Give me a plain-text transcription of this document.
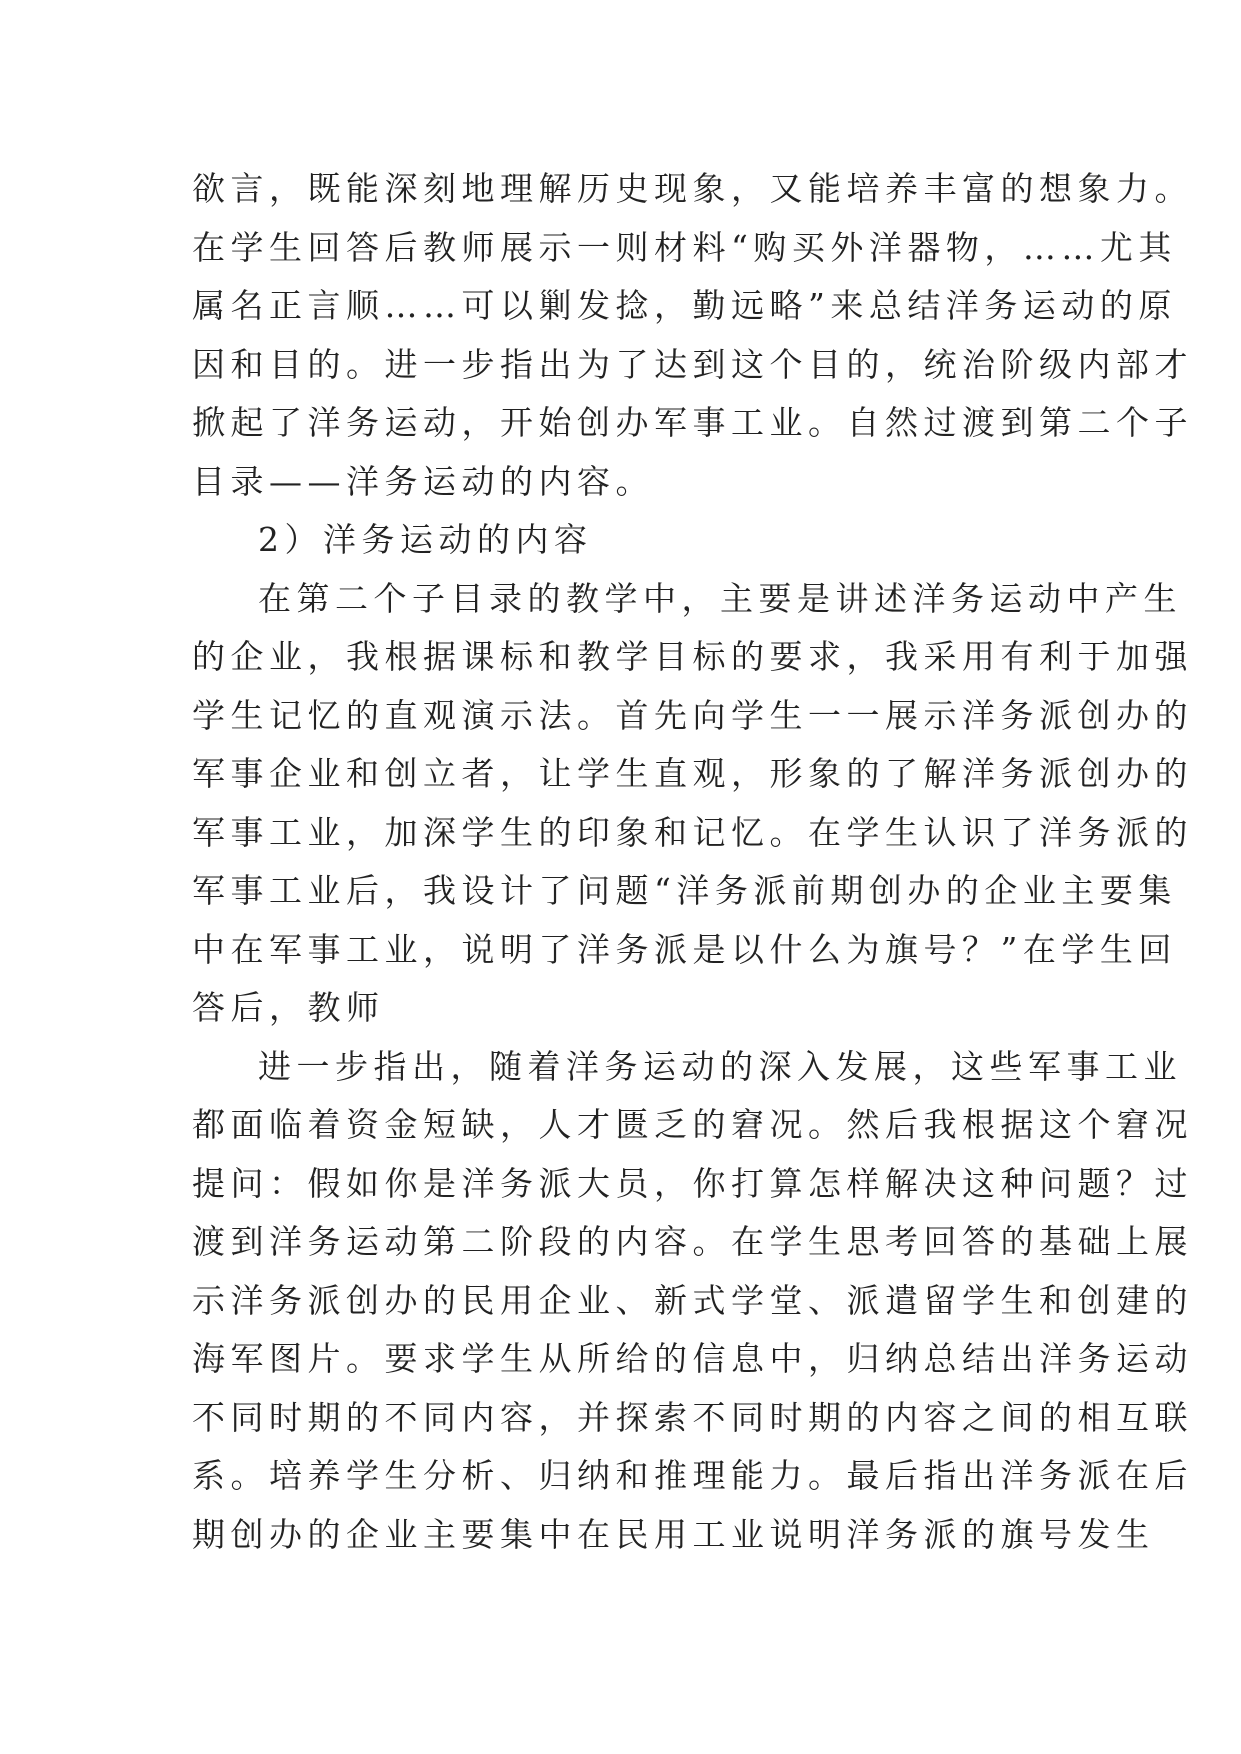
欲言，既能深刻地理解历史现象，又能培养丰富的想象力。
在学生回答后教师展示一则材料“购买外洋器物，……尤其
属名正言顺……可以剿发捻，勤远略”来总结洋务运动的原
因和目的。进一步指出为了达到这个目的，统治阶级内部才
掀起了洋务运动，开始创办军事工业。自然过渡到第二个子
目录——洋务运动的内容。
2）洋务运动的内容
在第二个子目录的教学中，主要是讲述洋务运动中产生
的企业，我根据课标和教学目标的要求，我采用有利于加强
学生记忆的直观演示法。首先向学生一一展示洋务派创办的
军事企业和创立者，让学生直观，形象的了解洋务派创办的
军事工业，加深学生的印象和记忆。在学生认识了洋务派的
军事工业后，我设计了问题“洋务派前期创办的企业主要集
中在军事工业，说明了洋务派是以什么为旗号？”在学生回
答后，教师
进一步指出，随着洋务运动的深入发展，这些军事工业
都面临着资金短缺，人才匮乏的窘况。然后我根据这个窘况
提问：假如你是洋务派大员，你打算怎样解决这种问题？过
渡到洋务运动第二阶段的内容。在学生思考回答的基础上展
示洋务派创办的民用企业、新式学堂、派遣留学生和创建的
海军图片。要求学生从所给的信息中，归纳总结出洋务运动
不同时期的不同内容，并探索不同时期的内容之间的相互联
系。培养学生分析、归纳和推理能力。最后指出洋务派在后
期创办的企业主要集中在民用工业说明洋务派的旗号发生
